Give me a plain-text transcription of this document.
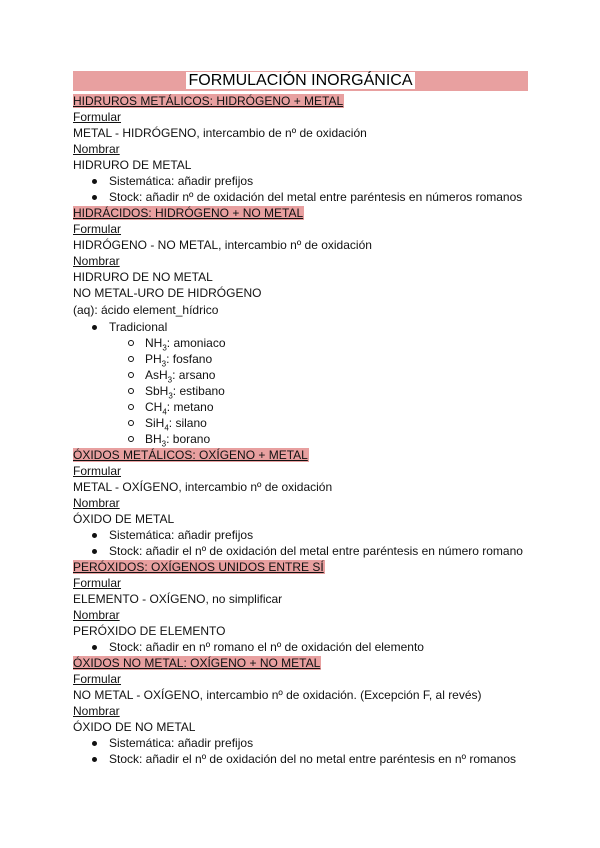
FORMULACIÓN INORGÁNICA
HIDRUROS METÁLICOS: HIDRÓGENO + METAL
Formular
METAL - HIDRÓGENO, intercambio de nº de oxidación
Nombrar
HIDRURO DE METAL
Sistemática: añadir prefijos
Stock: añadir nº de oxidación del metal entre paréntesis en números romanos
HIDRÁCIDOS: HIDRÓGENO + NO METAL
Formular
HIDRÓGENO - NO METAL, intercambio nº de oxidación
Nombrar
HIDRURO DE NO METAL
NO METAL-URO DE HIDRÓGENO
(aq): ácido element_hídrico
Tradicional
$NH_3$: amoniaco
$PH_3$: fosfano
AsH$_3$: arsano
SbH$_3$: estibano
$CH_4$: metano
SiH$_4$: silano
$BH_3$: borano
ÓXIDOS METÁLICOS: OXÍGENO + METAL
Formular
METAL - OXÍGENO, intercambio nº de oxidación
Nombrar
ÓXIDO DE METAL
Sistemática: añadir prefijos
Stock: añadir el nº de oxidación del metal entre paréntesis en número romano
PERÓXIDOS: OXÍGENOS UNIDOS ENTRE SÍ
Formular
ELEMENTO - OXÍGENO, no simplificar
Nombrar
PERÓXIDO DE ELEMENTO
Stock: añadir en nº romano el nº de oxidación del elemento
ÓXIDOS NO METAL: OXÍGENO + NO METAL
Formular
NO METAL - OXÍGENO, intercambio nº de oxidación. (Excepción F, al revés)
Nombrar
ÓXIDO DE NO METAL
Sistemática: añadir prefijos
Stock: añadir el nº de oxidación del no metal entre paréntesis en nº romanos
